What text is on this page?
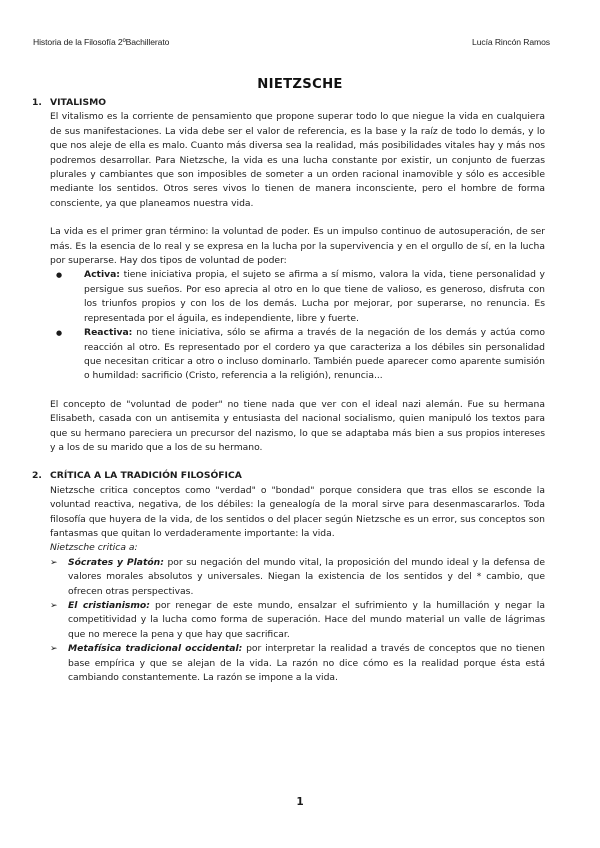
Historia de la Filosofía 2ºBachillerato	Lucía Rincón Ramos
NIETZSCHE
1. VITALISMO

El vitalismo es la corriente de pensamiento que propone superar todo lo que niegue la vida en cualquiera de sus manifestaciones. La vida debe ser el valor de referencia, es la base y la raíz de todo lo demás, y lo que nos aleje de ella es malo. Cuanto más diversa sea la realidad, más posibilidades vitales hay y más nos podremos desarrollar. Para Nietzsche, la vida es una lucha constante por existir, un conjunto de fuerzas plurales y cambiantes que son imposibles de someter a un orden racional inamovible y sólo es accesible mediante los sentidos. Otros seres vivos lo tienen de manera inconsciente, pero el hombre de forma consciente, ya que planeamos nuestra vida.

La vida es el primer gran término: la voluntad de poder. Es un impulso continuo de autosuperación, de ser más. Es la esencia de lo real y se expresa en la lucha por la supervivencia y en el orgullo de sí, en la lucha por superarse. Hay dos tipos de voluntad de poder:

● Activa: tiene iniciativa propia, el sujeto se afirma a sí mismo, valora la vida, tiene personalidad y persigue sus sueños. Por eso aprecia al otro en lo que tiene de valioso, es generoso, disfruta con los triunfos propios y con los de los demás. Lucha por mejorar, por superarse, no renuncia. Es representada por el águila, es independiente, libre y fuerte.
● Reactiva: no tiene iniciativa, sólo se afirma a través de la negación de los demás y actúa como reacción al otro. Es representado por el cordero ya que caracteriza a los débiles sin personalidad que necesitan criticar a otro o incluso dominarlo. También puede aparecer como aparente sumisión o humildad: sacrificio (Cristo, referencia a la religión), renuncia...

El concepto de "voluntad de poder" no tiene nada que ver con el ideal nazi alemán. Fue su hermana Elisabeth, casada con un antisemita y entusiasta del nacional socialismo, quien manipuló los textos para que su hermano pareciera un precursor del nazismo, lo que se adaptaba más bien a sus propios intereses y a los de su marido que a los de su hermano.

2. CRÍTICA A LA TRADICIÓN FILOSÓFICA

Nietzsche critica conceptos como "verdad" o "bondad" porque considera que tras ellos se esconde la voluntad reactiva, negativa, de los débiles: la genealogía de la moral sirve para desenmascararlos. Toda filosofía que huyera de la vida, de los sentidos o del placer según Nietzsche es un error, sus conceptos son fantasmas que quitan lo verdaderamente importante: la vida.

Nietzsche critica a:

➢ Sócrates y Platón: por su negación del mundo vital, la proposición del mundo ideal y la defensa de valores morales absolutos y universales. Niegan la existencia de los sentidos y del * cambio, que ofrecen otras perspectivas.
➢ El cristianismo: por renegar de este mundo, ensalzar el sufrimiento y la humillación y negar la competitividad y la lucha como forma de superación. Hace del mundo material un valle de lágrimas que no merece la pena y que hay que sacrificar.
➢ Metafísica tradicional occidental: por interpretar la realidad a través de conceptos que no tienen base empírica y que se alejan de la vida. La razón no dice cómo es la realidad porque ésta está cambiando constantemente. La razón se impone a la vida.
1
